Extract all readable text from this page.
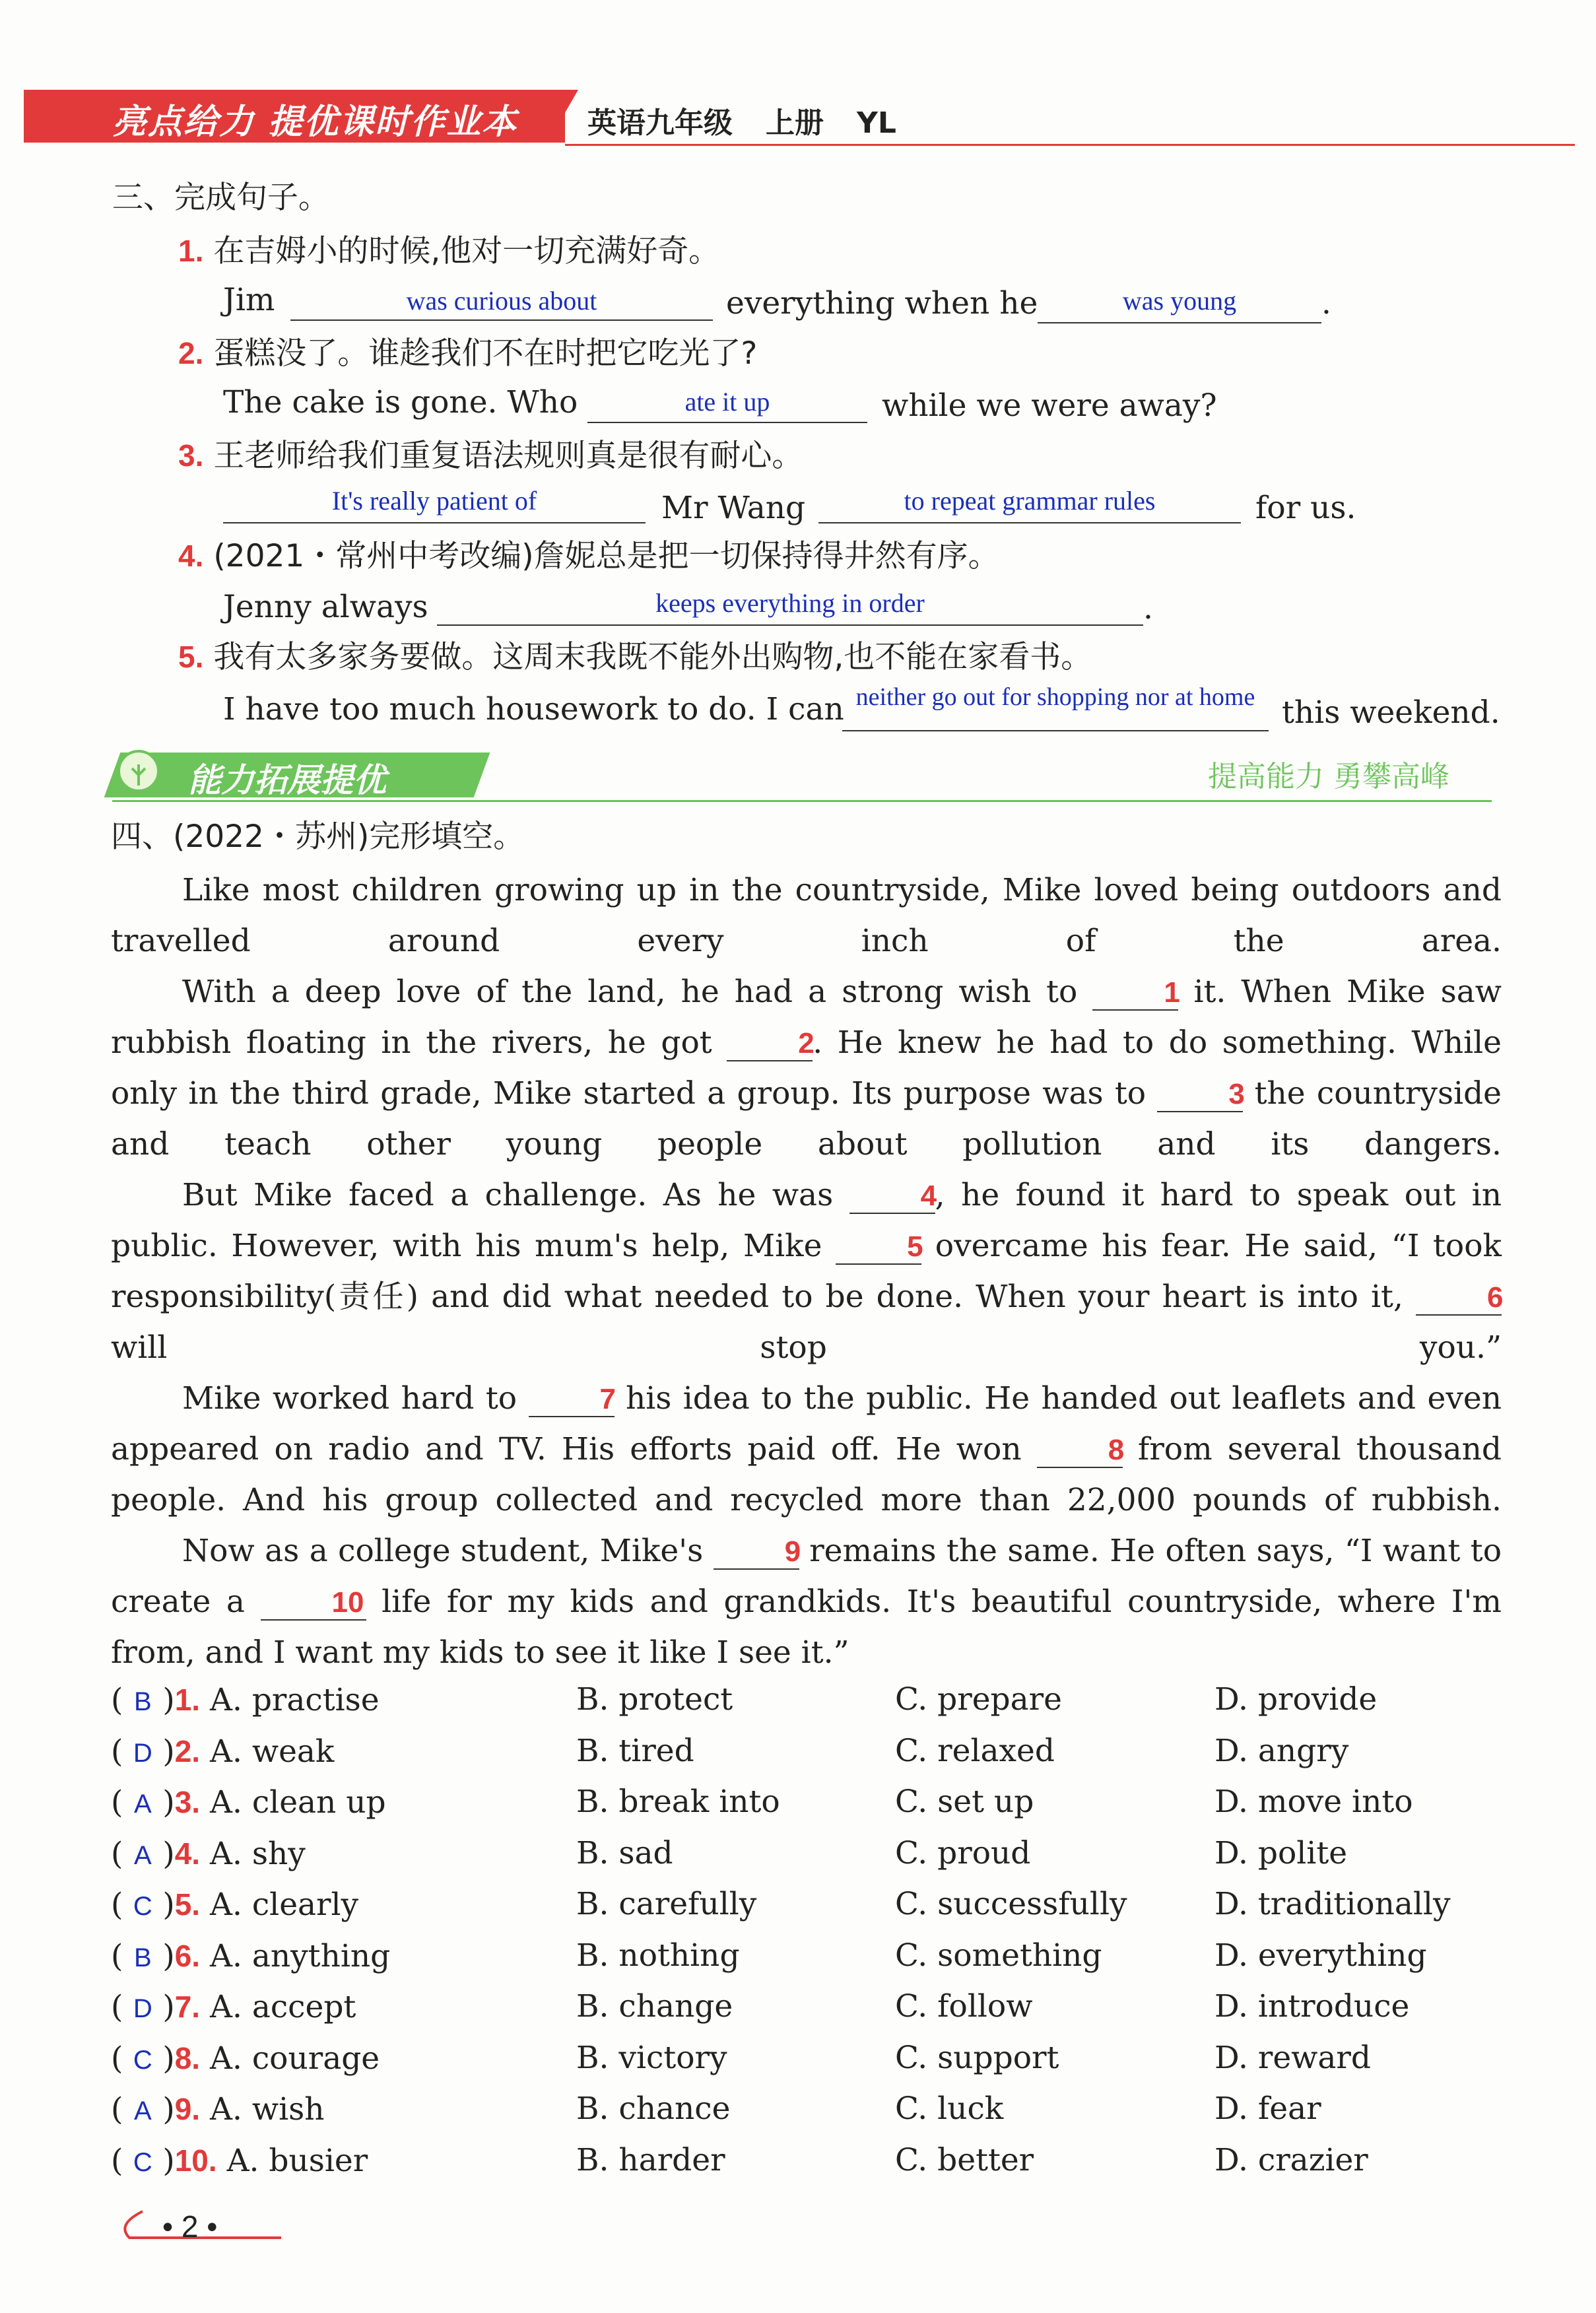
亮点给力 提优课时作业本 英语九年级 上册 YL
三、完成句子。
1. 在吉姆小的时候,他对一切充满好奇。
Jim	was curious about	everything when he	was young	.
2. 蛋糕没了。谁趁我们不在时把它吃光了?
The cake is gone. Who	ate it up	while we were away?
3. 王老师给我们重复语法规则真是很有耐心。
It's really patient of	Mr Wang	to repeat grammar rules	for us.
4. (2021・常州中考改编)詹妮总是把一切保持得井然有序。
Jenny always	keeps everything in order	.
5. 我有太多家务要做。这周末我既不能外出购物,也不能在家看书。
I have too much housework to do. I can neither go out for shopping nor at home this weekend.
能力拓展提优	提高能力 勇攀高峰
四、(2022・苏州)完形填空。
Like most children growing up in the countryside, Mike loved being outdoors and travelled around every inch of the area.
With a deep love of the land, he had a strong wish to	1 it. When Mike saw rubbish floating in the rivers, he got	2. He knew he had to do something. While only in the third grade, Mike started a group. Its purpose was to	3 the countryside and teach other young people about pollution and its dangers.
But Mike faced a challenge. As he was	4, he found it hard to speak out in public. However, with his mum's help, Mike	5 overcame his fear. He said, “I took responsibility(责任) and did what needed to be done. When your heart is into it,	6 will stop you.”
Mike worked hard to	7 his idea to the public. He handed out leaflets and even appeared on radio and TV. His efforts paid off. He won	8 from several thousand people. And his group collected and recycled more than 22,000 pounds of rubbish.
Now as a college student, Mike's	9 remains the same. He often says, “I want to create a	10 life for my kids and grandkids. It's beautiful countryside, where I'm from, and I want my kids to see it like I see it.”
( B )1. A. practise	B. protect	C. prepare	D. provide
( D )2. A. weak	B. tired	C. relaxed	D. angry
( A )3. A. clean up	B. break into	C. set up	D. move into
( A )4. A. shy	B. sad	C. proud	D. polite
( C )5. A. clearly	B. carefully	C. successfully	D. traditionally
( B )6. A. anything	B. nothing	C. something	D. everything
( D )7. A. accept	B. change	C. follow	D. introduce
( C )8. A. courage	B. victory	C. support	D. reward
( A )9. A. wish	B. chance	C. luck	D. fear
( C )10. A. busier	B. harder	C. better	D. crazier
• 2 •
